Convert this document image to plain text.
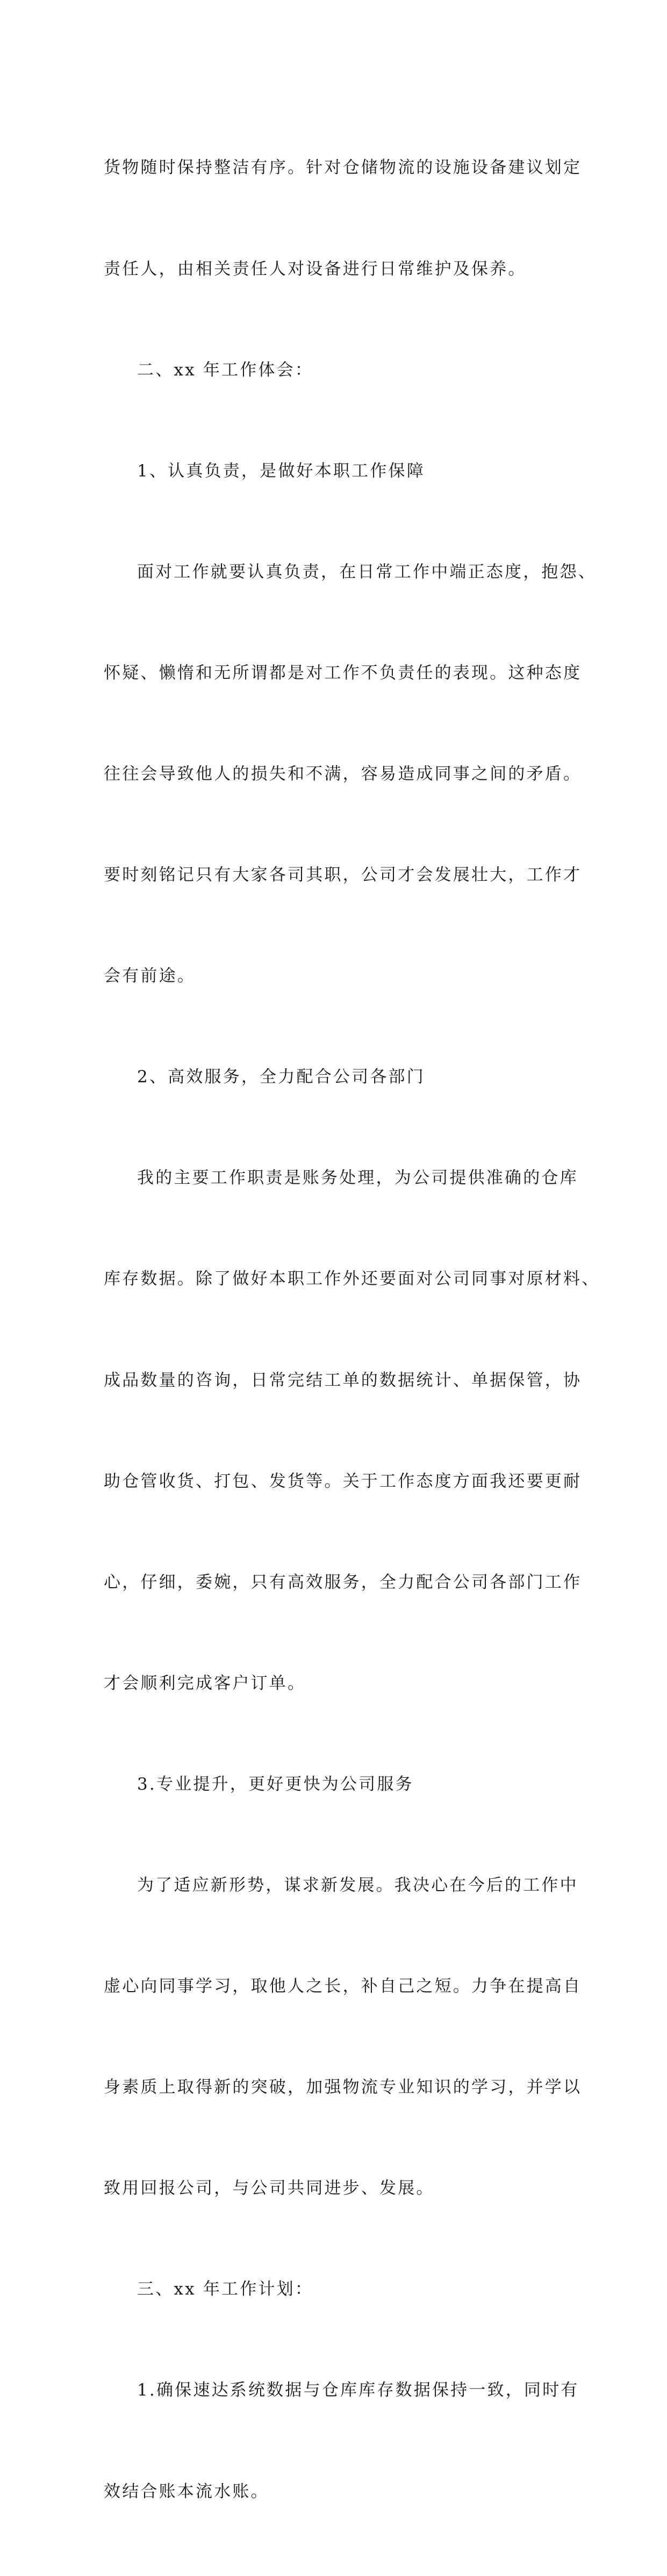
货物随时保持整洁有序。针对仓储物流的设施设备建议划定

责任人，由相关责任人对设备进行日常维护及保养。

二、xx 年工作体会：

1、认真负责，是做好本职工作保障

面对工作就要认真负责，在日常工作中端正态度，抱怨、

怀疑、懒惰和无所谓都是对工作不负责任的表现。这种态度

往往会导致他人的损失和不满，容易造成同事之间的矛盾。

要时刻铭记只有大家各司其职，公司才会发展壮大，工作才

会有前途。

2、高效服务，全力配合公司各部门

我的主要工作职责是账务处理，为公司提供准确的仓库

库存数据。除了做好本职工作外还要面对公司同事对原材料、

成品数量的咨询，日常完结工单的数据统计、单据保管，协

助仓管收货、打包、发货等。关于工作态度方面我还要更耐

心，仔细，委婉，只有高效服务，全力配合公司各部门工作

才会顺利完成客户订单。

3.专业提升，更好更快为公司服务

为了适应新形势，谋求新发展。我决心在今后的工作中

虚心向同事学习，取他人之长，补自己之短。力争在提高自

身素质上取得新的突破，加强物流专业知识的学习，并学以

致用回报公司，与公司共同进步、发展。

三、xx 年工作计划：

1.确保速达系统数据与仓库库存数据保持一致，同时有

效结合账本流水账。
